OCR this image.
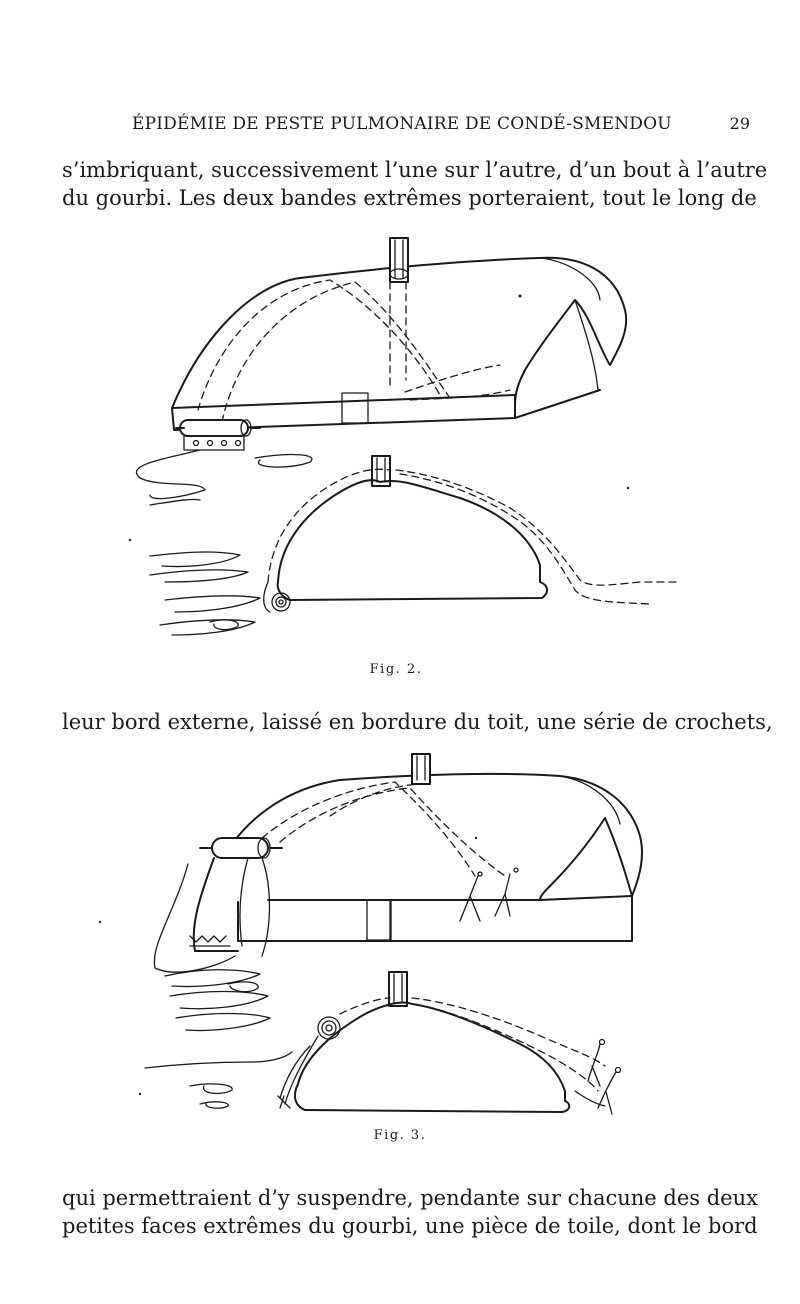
ÉPIDÉMIE DE PESTE PULMONAIRE DE CONDÉ-SMENDOU	29

s’imbriquant, successivement l’une sur l’autre, d’un bout à l’autre
du gourbi. Les deux bandes extrêmes porteraient, tout le long de

Fig. 2.

leur bord externe, laissé en bordure du toit, une série de crochets,

Fig. 3.

qui permettraient d’y suspendre, pendante sur chacune des deux
petites faces extrêmes du gourbi, une pièce de toile, dont le bord
